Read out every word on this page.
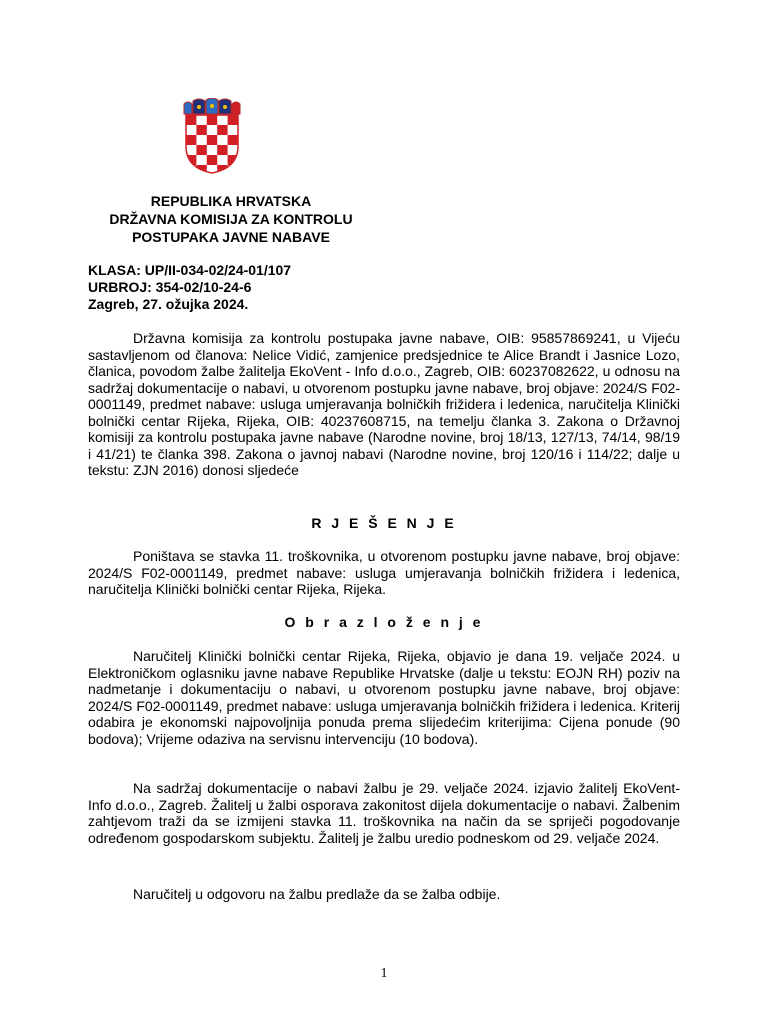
REPUBLIKA HRVATSKA
DRŽAVNA KOMISIJA ZA KONTROLU
POSTUPAKA JAVNE NABAVE
KLASA: UP/II-034-02/24-01/107
URBROJ: 354-02/10-24-6
Zagreb, 27. ožujka 2024.

Državna komisija za kontrolu postupaka javne nabave, OIB: 95857869241, u Vijeću sastavljenom od članova: Nelice Vidić, zamjenice predsjednice te Alice Brandt i Jasnice Lozo, članica, povodom žalbe žalitelja EkoVent - Info d.o.o., Zagreb, OIB: 60237082622, u odnosu na sadržaj dokumentacije o nabavi, u otvorenom postupku javne nabave, broj objave: 2024/S F02-0001149, predmet nabave: usluga umjeravanja bolničkih frižidera i ledenica, naručitelja Klinički bolnički centar Rijeka, Rijeka, OIB: 40237608715, na temelju članka 3. Zakona o Državnoj komisiji za kontrolu postupaka javne nabave (Narodne novine, broj 18/13, 127/13, 74/14, 98/19 i 41/21) te članka 398. Zakona o javnoj nabavi (Narodne novine, broj 120/16 i 114/22; dalje u tekstu: ZJN 2016) donosi sljedeće

R J E Š E N J E

Poništava se stavka 11. troškovnika, u otvorenom postupku javne nabave, broj objave: 2024/S F02-0001149, predmet nabave: usluga umjeravanja bolničkih frižidera i ledenica, naručitelja Klinički bolnički centar Rijeka, Rijeka.

O b r a z l o ž e n j e

Naručitelj Klinički bolnički centar Rijeka, Rijeka, objavio je dana 19. veljače 2024. u Elektroničkom oglasniku javne nabave Republike Hrvatske (dalje u tekstu: EOJN RH) poziv na nadmetanje i dokumentaciju o nabavi, u otvorenom postupku javne nabave, broj objave: 2024/S F02-0001149, predmet nabave: usluga umjeravanja bolničkih frižidera i ledenica. Kriterij odabira je ekonomski najpovoljnija ponuda prema slijedećim kriterijima: Cijena ponude (90 bodova); Vrijeme odaziva na servisnu intervenciju (10 bodova).

Na sadržaj dokumentacije o nabavi žalbu je 29. veljače 2024. izjavio žalitelj EkoVent-Info d.o.o., Zagreb. Žalitelj u žalbi osporava zakonitost dijela dokumentacije o nabavi. Žalbenim zahtjevom traži da se izmijeni stavka 11. troškovnika na način da se spriječi pogodovanje određenom gospodarskom subjektu. Žalitelj je žalbu uredio podneskom od 29. veljače 2024.

Naručitelj u odgovoru na žalbu predlaže da se žalba odbije.

1
